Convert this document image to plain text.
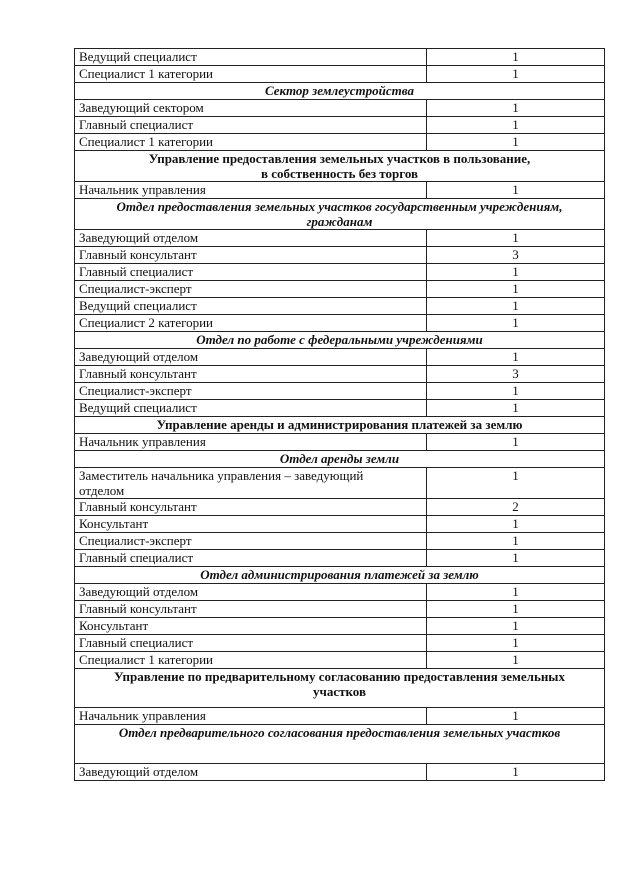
Ведущий специалист	1
Специалист 1 категории	1
Сектор землеустройства	
Заведующий сектором	1
Главный специалист	1
Специалист 1 категории	1
Управление предоставления земельных участков в пользование,
в собственность без торгов	
Начальник управления	1
Отдел предоставления земельных участков государственным учреждениям,
гражданам	
Заведующий отделом	1
Главный консультант	3
Главный специалист	1
Специалист-эксперт	1
Ведущий специалист	1
Специалист 2 категории	1
Отдел по работе с федеральными учреждениями	
Заведующий отделом	1
Главный консультант	3
Специалист-эксперт	1
Ведущий специалист	1
Управление аренды и администрирования платежей за землю	
Начальник управления	1
Отдел аренды земли	
Заместитель начальника управления – заведующий
отделом	1
Главный консультант	2
Консультант	1
Специалист-эксперт	1
Главный специалист	1
Отдел администрирования платежей за землю	
Заведующий отделом	1
Главный консультант	1
Консультант	1
Главный специалист	1
Специалист 1 категории	1
Управление по предварительному согласованию предоставления земельных
участков	
Начальник управления	1
Отдел предварительного согласования предоставления земельных участков	
Заведующий отделом	1
